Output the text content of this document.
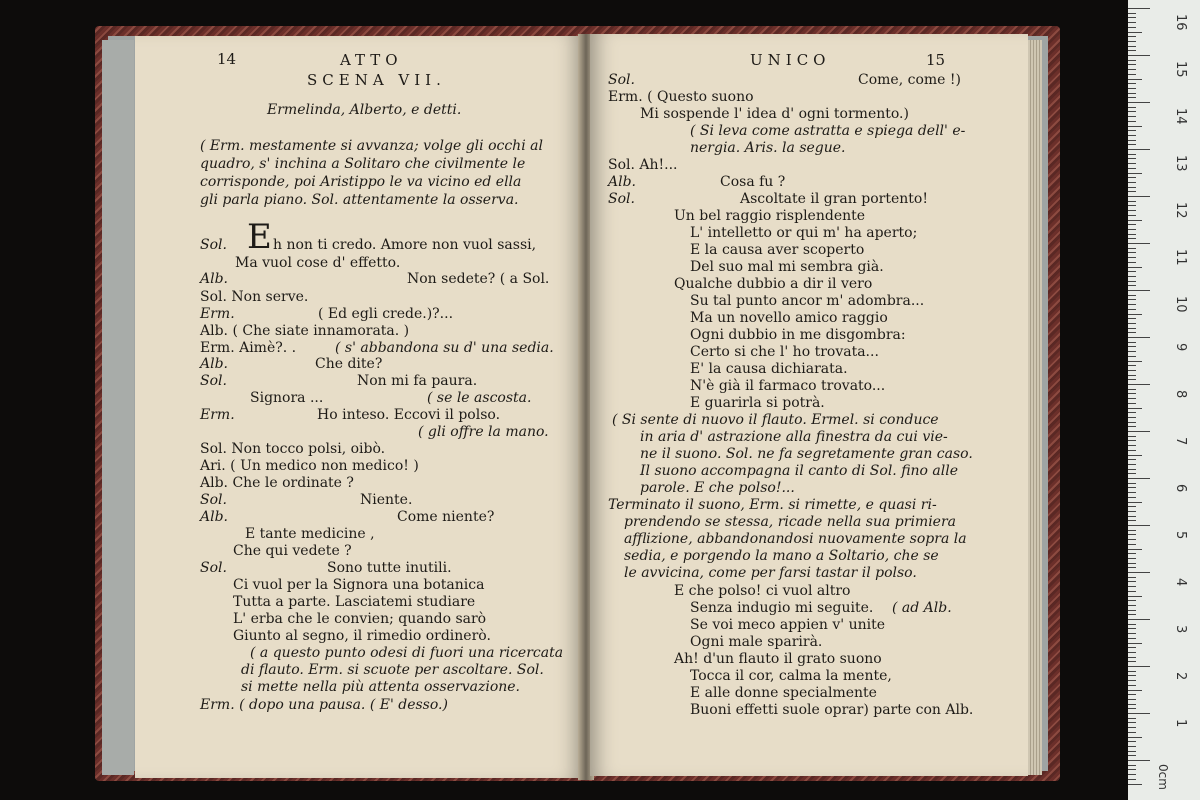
14	ATTO
SCENA VII.
Ermelinda, Alberto, e detti.
( Erm. mestamente si avvanza; volge gli occhi al
quadro, s' inchina a Solitaro che civilmente le
corrisponde, poi Aristippo le va vicino ed ella
gli parla piano. Sol. attentamente la osserva.
Sol. E h non ti credo. Amore non vuol sassi,
Ma vuol cose d' effetto.
Alb.	Non sedete? ( a Sol.
Sol. Non serve.
Erm.	( Ed egli crede.)?...
Alb. ( Che siate innamorata. )
Erm. Aimè?. .	( s' abbandona su d' una sedia.
Alb.	Che dite?
Sol.	Non mi fa paura.
Signora ...	( se le ascosta.
Erm.	Ho inteso. Eccovi il polso.
( gli offre la mano.
Sol. Non tocco polsi, oibò.
Ari. ( Un medico non medico! )
Alb. Che le ordinate ?
Sol.	Niente.
Alb.	Come niente?
E tante medicine ,
Che qui vedete ?
Sol.	Sono tutte inutili.
Ci vuol per la Signora una botanica
Tutta a parte. Lasciatemi studiare
L' erba che le convien; quando sarò
Giunto al segno, il rimedio ordinerò.
( a questo punto odesi di fuori una ricercata
di flauto. Erm. si scuote per ascoltare. Sol.
si mette nella più attenta osservazione.
Erm. ( dopo una pausa. ( E' desso.)
UNICO	15
Sol.	Come, come !)
Erm. ( Questo suono
Mi sospende l' idea d' ogni tormento.)
( Si leva come astratta e spiega dell' e-
nergia. Aris. la segue.
Sol. Ah!...
Alb.	Cosa fu ?
Sol.	Ascoltate il gran portento!
Un bel raggio risplendente
L' intelletto or qui m' ha aperto;
E la causa aver scoperto
Del suo mal mi sembra già.
Qualche dubbio a dir il vero
Su tal punto ancor m' adombra...
Ma un novello amico raggio
Ogni dubbio in me disgombra:
Certo si che l' ho trovata...
E' la causa dichiarata.
N'è già il farmaco trovato...
E guarirla si potrà.
( Si sente di nuovo il flauto. Ermel. si conduce
in aria d' astrazione alla finestra da cui vie-
ne il suono. Sol. ne fa segretamente gran caso.
Il suono accompagna il canto di Sol. fino alle
parole. E che polso!...
Terminato il suono, Erm. si rimette, e quasi ri-
prendendo se stessa, ricade nella sua primiera
afflizione, abbandonandosi nuovamente sopra la
sedia, e porgendo la mano a Soltario, che se
le avvicina, come per farsi tastar il polso.
E che polso! ci vuol altro
Senza indugio mi seguite. ( ad Alb.
Se voi meco appien v' unite
Ogni male sparirà.
Ah! d'un flauto il grato suono
Tocca il cor, calma la mente,
E alle donne specialmente
Buoni effetti suole oprar) parte con Alb.
0cm
16
15
14
13
12
11
10
9
8
7
6
5
4
3
2
1
